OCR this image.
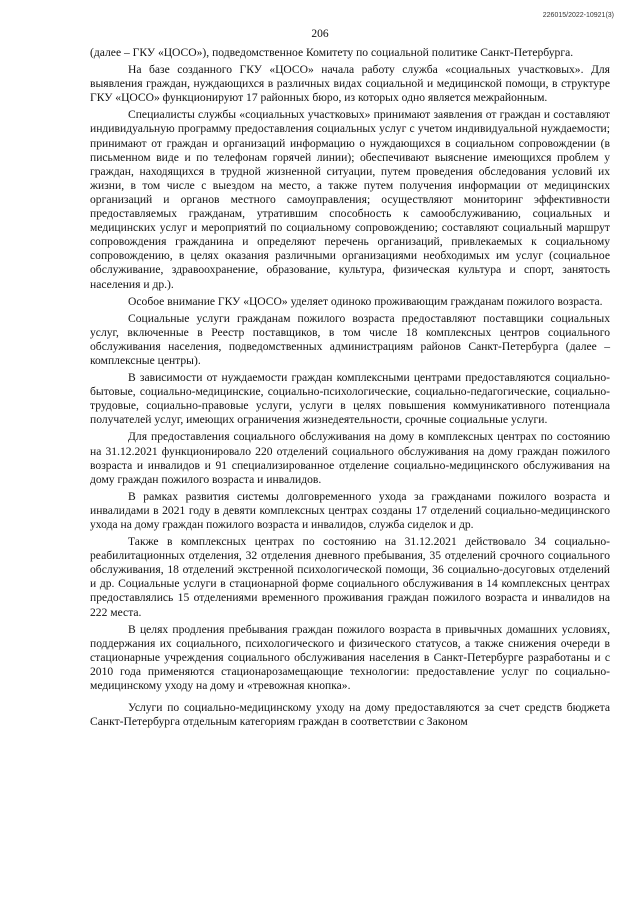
226015/2022-10921(3)
206

(далее – ГКУ «ЦОСО»), подведомственное Комитету по социальной политике Санкт-Петербурга.

На базе созданного ГКУ «ЦОСО» начала работу служба «социальных участковых». Для выявления граждан, нуждающихся в различных видах социальной и медицинской помощи, в структуре ГКУ «ЦОСО» функционируют 17 районных бюро, из которых одно является межрайонным.

Специалисты службы «социальных участковых» принимают заявления от граждан и составляют индивидуальную программу предоставления социальных услуг с учетом индивидуальной нуждаемости; принимают от граждан и организаций информацию о нуждающихся в социальном сопровождении (в письменном виде и по телефонам горячей линии); обеспечивают выяснение имеющихся проблем у граждан, находящихся в трудной жизненной ситуации, путем проведения обследования условий их жизни, в том числе с выездом на место, а также путем получения информации от медицинских организаций и органов местного самоуправления; осуществляют мониторинг эффективности предоставляемых гражданам, утратившим способность к самообслуживанию, социальных и медицинских услуг и мероприятий по социальному сопровождению; составляют социальный маршрут сопровождения гражданина и определяют перечень организаций, привлекаемых к социальному сопровождению, в целях оказания различными организациями необходимых им услуг (социальное обслуживание, здравоохранение, образование, культура, физическая культура и спорт, занятость населения и др.).

Особое внимание ГКУ «ЦОСО» уделяет одиноко проживающим гражданам пожилого возраста.

Социальные услуги гражданам пожилого возраста предоставляют поставщики социальных услуг, включенные в Реестр поставщиков, в том числе 18 комплексных центров социального обслуживания населения, подведомственных администрациям районов Санкт-Петербурга (далее – комплексные центры).

В зависимости от нуждаемости граждан комплексными центрами предоставляются социально-бытовые, социально-медицинские, социально-психологические, социально-педагогические, социально-трудовые, социально-правовые услуги, услуги в целях повышения коммуникативного потенциала получателей услуг, имеющих ограничения жизнедеятельности, срочные социальные услуги.

Для предоставления социального обслуживания на дому в комплексных центрах по состоянию на 31.12.2021 функционировало 220 отделений социального обслуживания на дому граждан пожилого возраста и инвалидов и 91 специализированное отделение социально-медицинского обслуживания на дому граждан пожилого возраста и инвалидов.

В рамках развития системы долговременного ухода за гражданами пожилого возраста и инвалидами в 2021 году в девяти комплексных центрах созданы 17 отделений социально-медицинского ухода на дому граждан пожилого возраста и инвалидов, служба сиделок и др.

Также в комплексных центрах по состоянию на 31.12.2021 действовало 34 социально-реабилитационных отделения, 32 отделения дневного пребывания, 35 отделений срочного социального обслуживания, 18 отделений экстренной психологической помощи, 36 социально-досуговых отделений и др. Социальные услуги в стационарной форме социального обслуживания в 14 комплексных центрах предоставлялись 15 отделениями временного проживания граждан пожилого возраста и инвалидов на 222 места.

В целях продления пребывания граждан пожилого возраста в привычных домашних условиях, поддержания их социального, психологического и физического статусов, а также снижения очереди в стационарные учреждения социального обслуживания населения в Санкт-Петербурге разработаны и с 2010 года применяются стационарозамещающие технологии: предоставление услуг по социально-медицинскому уходу на дому и «тревожная кнопка».

Услуги по социально-медицинскому уходу на дому предоставляются за счет средств бюджета Санкт-Петербурга отдельным категориям граждан в соответствии с Законом
